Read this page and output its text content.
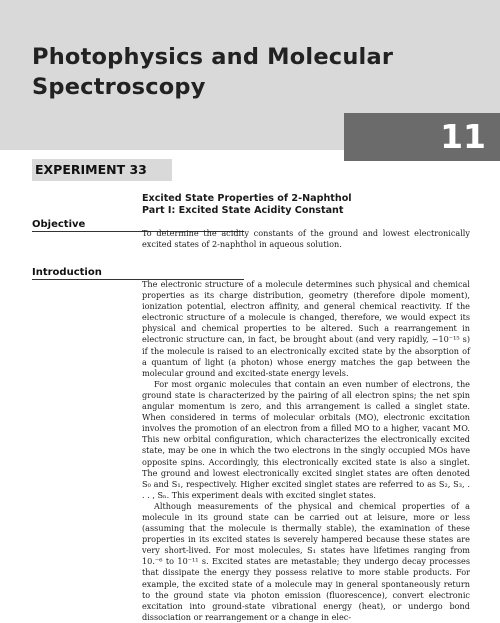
Photophysics and Molecular
Spectroscopy
11
EXPERIMENT 33
Excited State Properties of 2-Naphthol
Part I: Excited State Acidity Constant
Objective

To determine the acidity constants of the ground and lowest electronically excited states of 2-naphthol in aqueous solution.

Introduction

The electronic structure of a molecule determines such physical and chemical properties as its charge distribution, geometry (therefore dipole moment), ionization potential, electron affinity, and general chemical reactivity. If the electronic structure of a molecule is changed, therefore, we would expect its physical and chemical properties to be altered. Such a rearrangement in electronic structure can, in fact, be brought about (and very rapidly, ~10⁻¹⁵ s) if the molecule is raised to an electronically excited state by the absorption of a quantum of light (a photon) whose energy matches the gap between the molecular ground and excited-state energy levels.

For most organic molecules that contain an even number of electrons, the ground state is characterized by the pairing of all electron spins; the net spin angular momentum is zero, and this arrangement is called a singlet state. When considered in terms of molecular orbitals (MO), electronic excitation involves the promotion of an electron from a filled MO to a higher, vacant MO. This new orbital configuration, which characterizes the electronically excited state, may be one in which the two electrons in the singly occupied MOs have opposite spins. Accordingly, this electronically excited state is also a singlet. The ground and lowest electronically excited singlet states are often denoted S₀ and S₁, respectively. Higher excited singlet states are referred to as S₂, S₃, . . . , Sₙ. This experiment deals with excited singlet states.

Although measurements of the physical and chemical properties of a molecule in its ground state can be carried out at leisure, more or less (assuming that the molecule is thermally stable), the examination of these properties in its excited states is severely hampered because these states are very short-lived. For most molecules, S₁ states have lifetimes ranging from 10.⁻⁶ to 10⁻¹¹ s. Excited states are metastable; they undergo decay processes that dissipate the energy they possess relative to more stable products. For example, the excited state of a molecule may in general spontaneously return to the ground state via photon emission (fluorescence), convert electronic excitation into ground-state vibrational energy (heat), or undergo bond dissociation or rearrangement or a change in elec-
